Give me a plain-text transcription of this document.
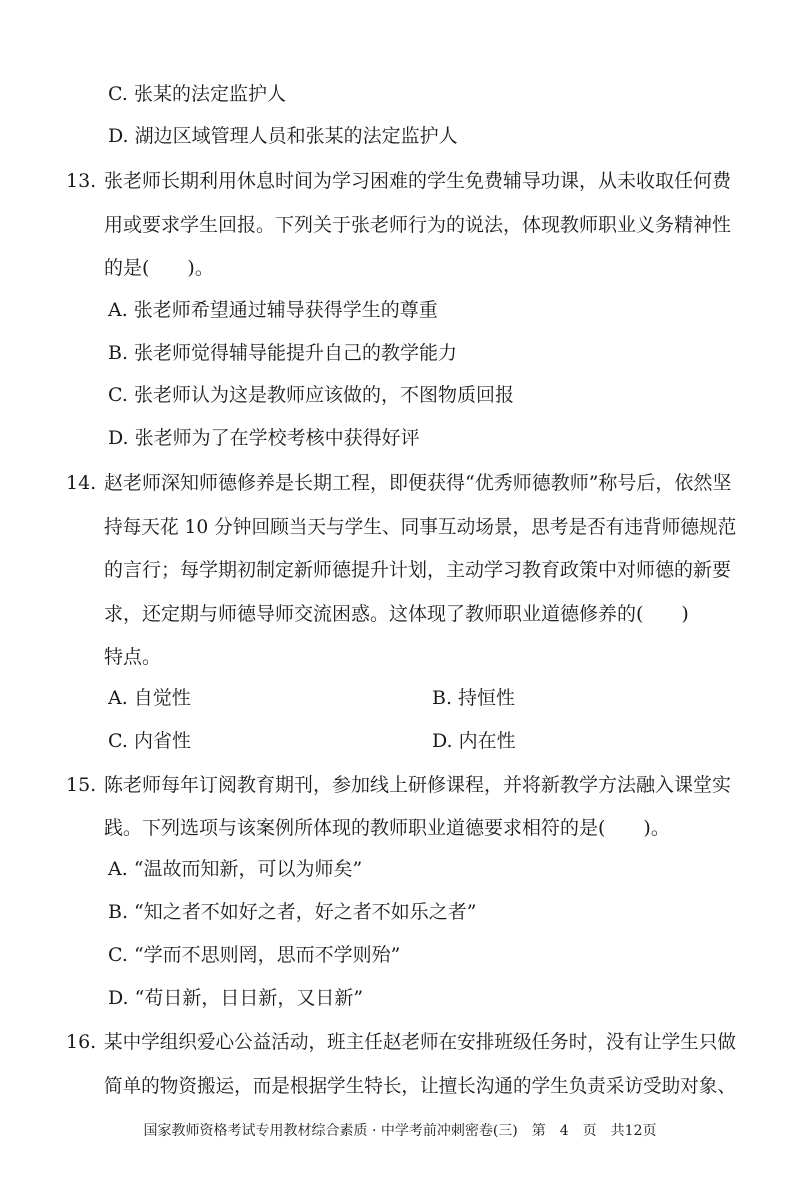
C. 张某的法定监护人
D. 湖边区域管理人员和张某的法定监护人
13. 张老师长期利用休息时间为学习困难的学生免费辅导功课，从未收取任何费
用或要求学生回报。下列关于张老师行为的说法，体现教师职业义务精神性
的是(　　)。
A. 张老师希望通过辅导获得学生的尊重
B. 张老师觉得辅导能提升自己的教学能力
C. 张老师认为这是教师应该做的，不图物质回报
D. 张老师为了在学校考核中获得好评
14. 赵老师深知师德修养是长期工程，即便获得“优秀师德教师”称号后，依然坚
持每天花 10 分钟回顾当天与学生、同事互动场景，思考是否有违背师德规范
的言行；每学期初制定新师德提升计划，主动学习教育政策中对师德的新要
求，还定期与师德导师交流困惑。这体现了教师职业道德修养的(　　)
特点。
A. 自觉性	B. 持恒性
C. 内省性	D. 内在性
15. 陈老师每年订阅教育期刊，参加线上研修课程，并将新教学方法融入课堂实
践。下列选项与该案例所体现的教师职业道德要求相符的是(　　)。
A. “温故而知新，可以为师矣”
B. “知之者不如好之者，好之者不如乐之者”
C. “学而不思则罔，思而不学则殆”
D. “苟日新，日日新，又日新”
16. 某中学组织爱心公益活动，班主任赵老师在安排班级任务时，没有让学生只做
简单的物资搬运，而是根据学生特长，让擅长沟通的学生负责采访受助对象、
国家教师资格考试专用教材综合素质 · 中学考前冲刺密卷(三)　第　4　页　共12页
